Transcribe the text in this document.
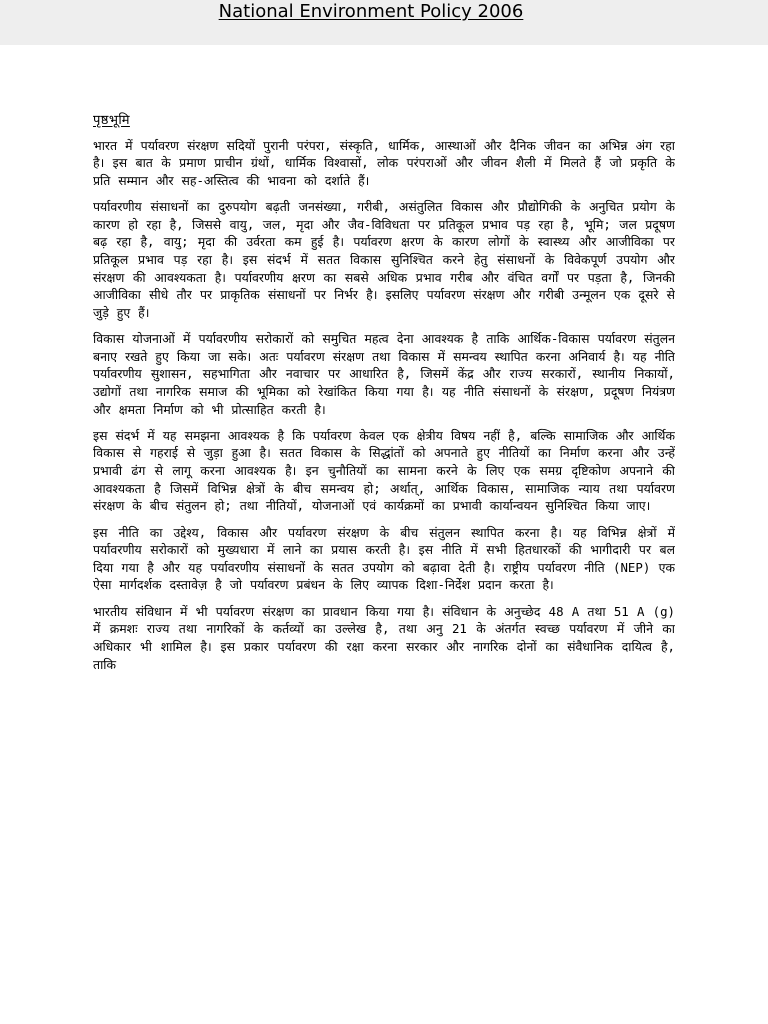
National Environment Policy 2006
पृष्ठभूमि

भारत में पर्यावरण संरक्षण सदियों पुरानी परंपरा, संस्कृति, धार्मिक, आस्थाओं और दैनिक जीवन का अभिन्न अंग रहा है। इस बात के प्रमाण प्राचीन ग्रंथों, धार्मिक विश्वासों, लोक परंपराओं और जीवन शैली में मिलते हैं जो प्रकृति के प्रति सम्मान और सह-अस्तित्व की भावना को दर्शाते हैं।

पर्यावरणीय संसाधनों का दुरुपयोग बढ़ती जनसंख्या, गरीबी, असंतुलित विकास और प्रौद्योगिकी के अनुचित प्रयोग के कारण हो रहा है, जिससे वायु, जल, मृदा और जैव-विविधता पर प्रतिकूल प्रभाव पड़ रहा है, भूमि; जल प्रदूषण बढ़ रहा है, वायु; मृदा की उर्वरता कम हुई है। पर्यावरण क्षरण के कारण लोगों के स्वास्थ्य और आजीविका पर प्रतिकूल प्रभाव पड़ रहा है। इस संदर्भ में सतत विकास सुनिश्चित करने हेतु संसाधनों के विवेकपूर्ण उपयोग और संरक्षण की आवश्यकता है। पर्यावरणीय क्षरण का सबसे अधिक प्रभाव गरीब और वंचित वर्गों पर पड़ता है, जिनकी आजीविका सीधे तौर पर प्राकृतिक संसाधनों पर निर्भर है। इसलिए पर्यावरण संरक्षण और गरीबी उन्मूलन एक दूसरे से जुड़े हुए हैं।

विकास योजनाओं में पर्यावरणीय सरोकारों को समुचित महत्व देना आवश्यक है ताकि आर्थिक-विकास पर्यावरण संतुलन बनाए रखते हुए किया जा सके। अतः पर्यावरण संरक्षण तथा विकास में समन्वय स्थापित करना अनिवार्य है। यह नीति पर्यावरणीय सुशासन, सहभागिता और नवाचार पर आधारित है, जिसमें केंद्र और राज्य सरकारों, स्थानीय निकायों, उद्योगों तथा नागरिक समाज की भूमिका को रेखांकित किया गया है। यह नीति संसाधनों के संरक्षण, प्रदूषण नियंत्रण और क्षमता निर्माण को भी प्रोत्साहित करती है।

इस संदर्भ में यह समझना आवश्यक है कि पर्यावरण केवल एक क्षेत्रीय विषय नहीं है, बल्कि सामाजिक और आर्थिक विकास से गहराई से जुड़ा हुआ है। सतत विकास के सिद्धांतों को अपनाते हुए नीतियों का निर्माण करना और उन्हें प्रभावी ढंग से लागू करना आवश्यक है। इन चुनौतियों का सामना करने के लिए एक समग्र दृष्टिकोण अपनाने की आवश्यकता है जिसमें विभिन्न क्षेत्रों के बीच समन्वय हो; अर्थात्, आर्थिक विकास, सामाजिक न्याय तथा पर्यावरण संरक्षण के बीच संतुलन हो; तथा नीतियों, योजनाओं एवं कार्यक्रमों का प्रभावी कार्यान्वयन सुनिश्चित किया जाए।

इस नीति का उद्देश्य, विकास और पर्यावरण संरक्षण के बीच संतुलन स्थापित करना है। यह विभिन्न क्षेत्रों में पर्यावरणीय सरोकारों को मुख्यधारा में लाने का प्रयास करती है। इस नीति में सभी हितधारकों की भागीदारी पर बल दिया गया है और यह पर्यावरणीय संसाधनों के सतत उपयोग को बढ़ावा देती है। राष्ट्रीय पर्यावरण नीति (NEP) एक ऐसा मार्गदर्शक दस्तावेज़ है जो पर्यावरण प्रबंधन के लिए व्यापक दिशा-निर्देश प्रदान करता है।

भारतीय संविधान में भी पर्यावरण संरक्षण का प्रावधान किया गया है। संविधान के अनुच्छेद 48 A तथा 51 A (g) में क्रमशः राज्य तथा नागरिकों के कर्तव्यों का उल्लेख है, तथा अनु 21 के अंतर्गत स्वच्छ पर्यावरण में जीने का अधिकार भी शामिल है। इस प्रकार पर्यावरण की रक्षा करना सरकार और नागरिक दोनों का संवैधानिक दायित्व है, ताकि
